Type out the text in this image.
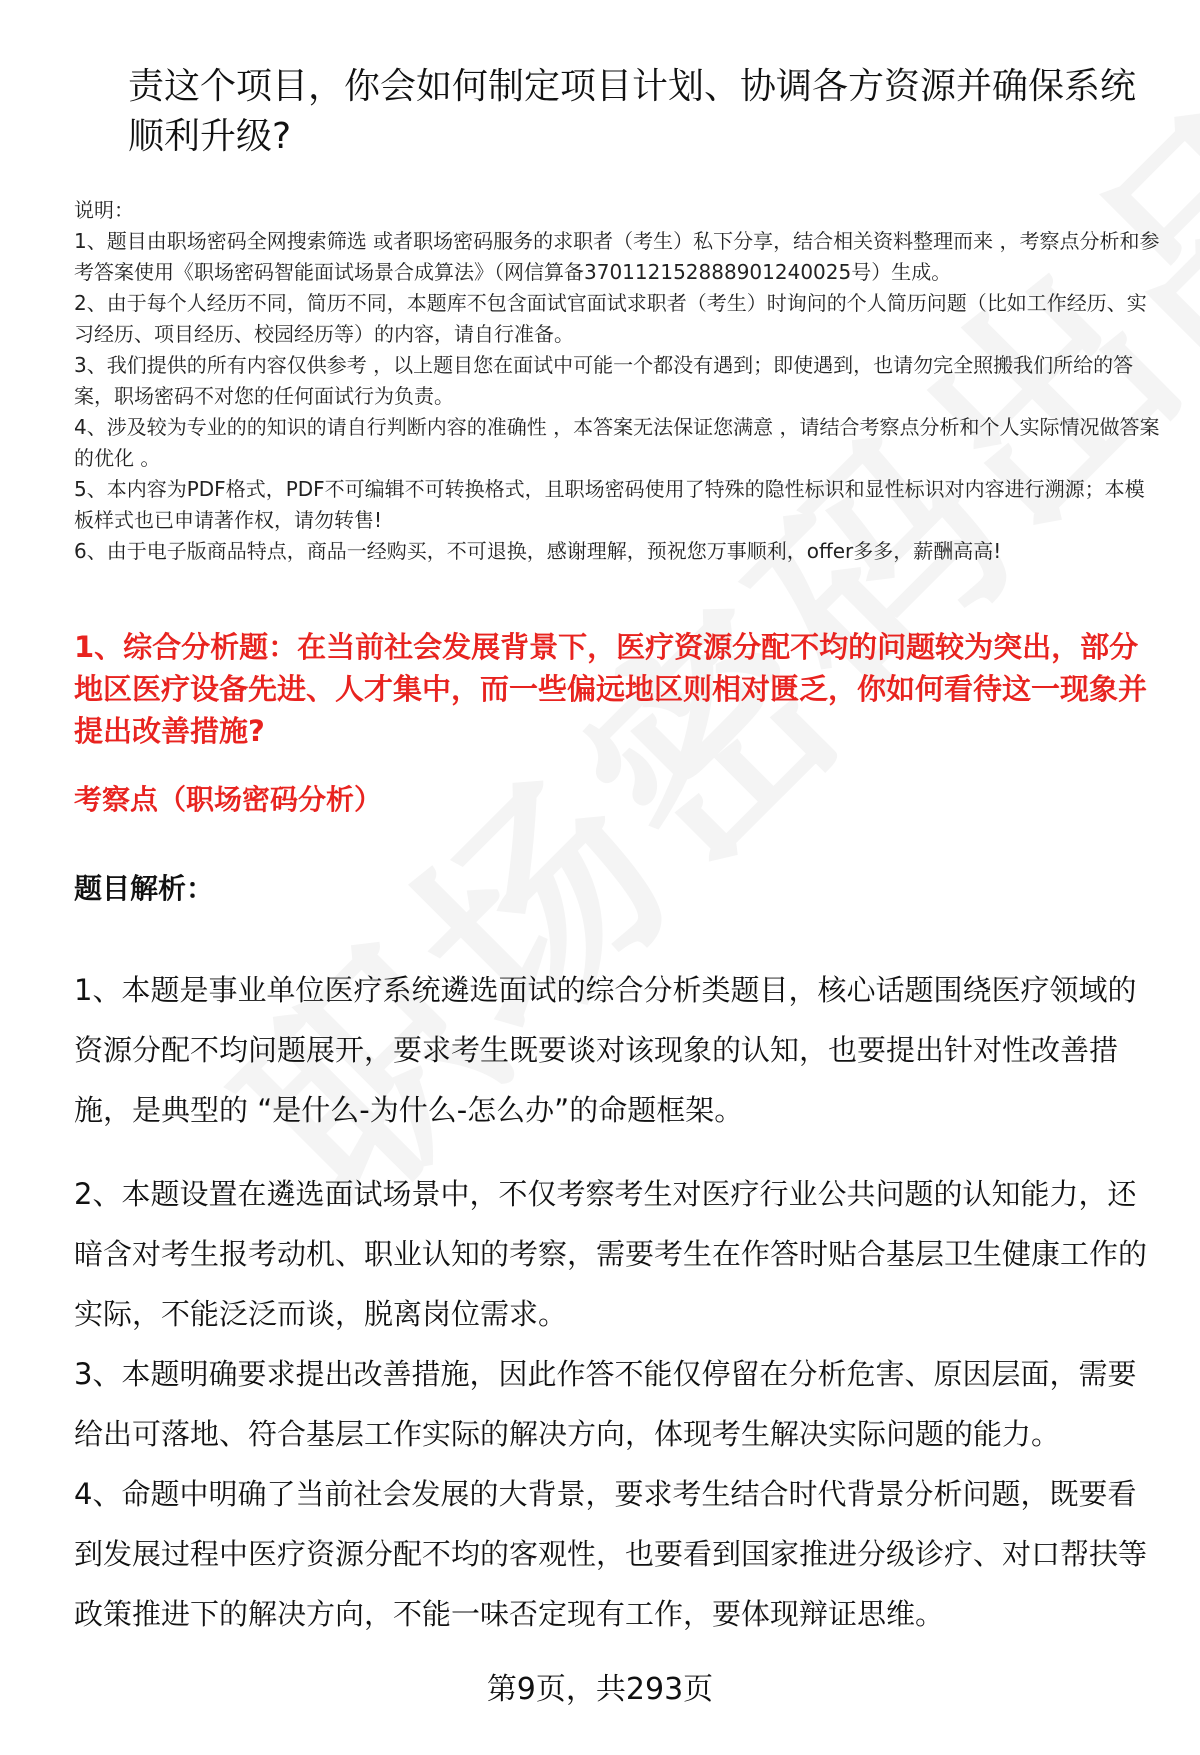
责这个项目，你会如何制定项目计划、协调各方资源并确保系统顺利升级?

说明：

1、题目由职场密码全网搜索筛选 或者职场密码服务的求职者（考生）私下分享，结合相关资料整理而来 ，考察点分析和参考答案使用《职场密码智能面试场景合成算法》（网信算备370112152888901240025号）生成。

2、由于每个人经历不同，简历不同，本题库不包含面试官面试求职者（考生）时询问的个人简历问题（比如工作经历、实习经历、项目经历、校园经历等）的内容，请自行准备。

3、我们提供的所有内容仅供参考 ，以上题目您在面试中可能一个都没有遇到；即使遇到，也请勿完全照搬我们所给的答案，职场密码不对您的任何面试行为负责。

4、涉及较为专业的的知识的请自行判断内容的准确性 ，本答案无法保证您满意 ，请结合考察点分析和个人实际情况做答案的优化 。

5、本内容为PDF格式，PDF不可编辑不可转换格式，且职场密码使用了特殊的隐性标识和显性标识对内容进行溯源；本模板样式也已申请著作权，请勿转售!

6、由于电子版商品特点，商品一经购买，不可退换，感谢理解，预祝您万事顺利，offer多多，薪酬高高!

1、综合分析题：在当前社会发展背景下，医疗资源分配不均的问题较为突出，部分地区医疗设备先进、人才集中，而一些偏远地区则相对匮乏，你如何看待这一现象并提出改善措施?
考察点（职场密码分析）
题目解析：

1、本题是事业单位医疗系统遴选面试的综合分析类题目，核心话题围绕医疗领域的资源分配不均问题展开，要求考生既要谈对该现象的认知，也要提出针对性改善措施，是典型的 “是什么-为什么-怎么办”的命题框架。

2、本题设置在遴选面试场景中，不仅考察考生对医疗行业公共问题的认知能力，还暗含对考生报考动机、职业认知的考察，需要考生在作答时贴合基层卫生健康工作的实际，不能泛泛而谈，脱离岗位需求。

3、本题明确要求提出改善措施，因此作答不能仅停留在分析危害、原因层面，需要给出可落地、符合基层工作实际的解决方向，体现考生解决实际问题的能力。

4、命题中明确了当前社会发展的大背景，要求考生结合时代背景分析问题，既要看到发展过程中医疗资源分配不均的客观性，也要看到国家推进分级诊疗、对口帮扶等政策推进下的解决方向，不能一味否定现有工作，要体现辩证思维。

第9页，共293页
